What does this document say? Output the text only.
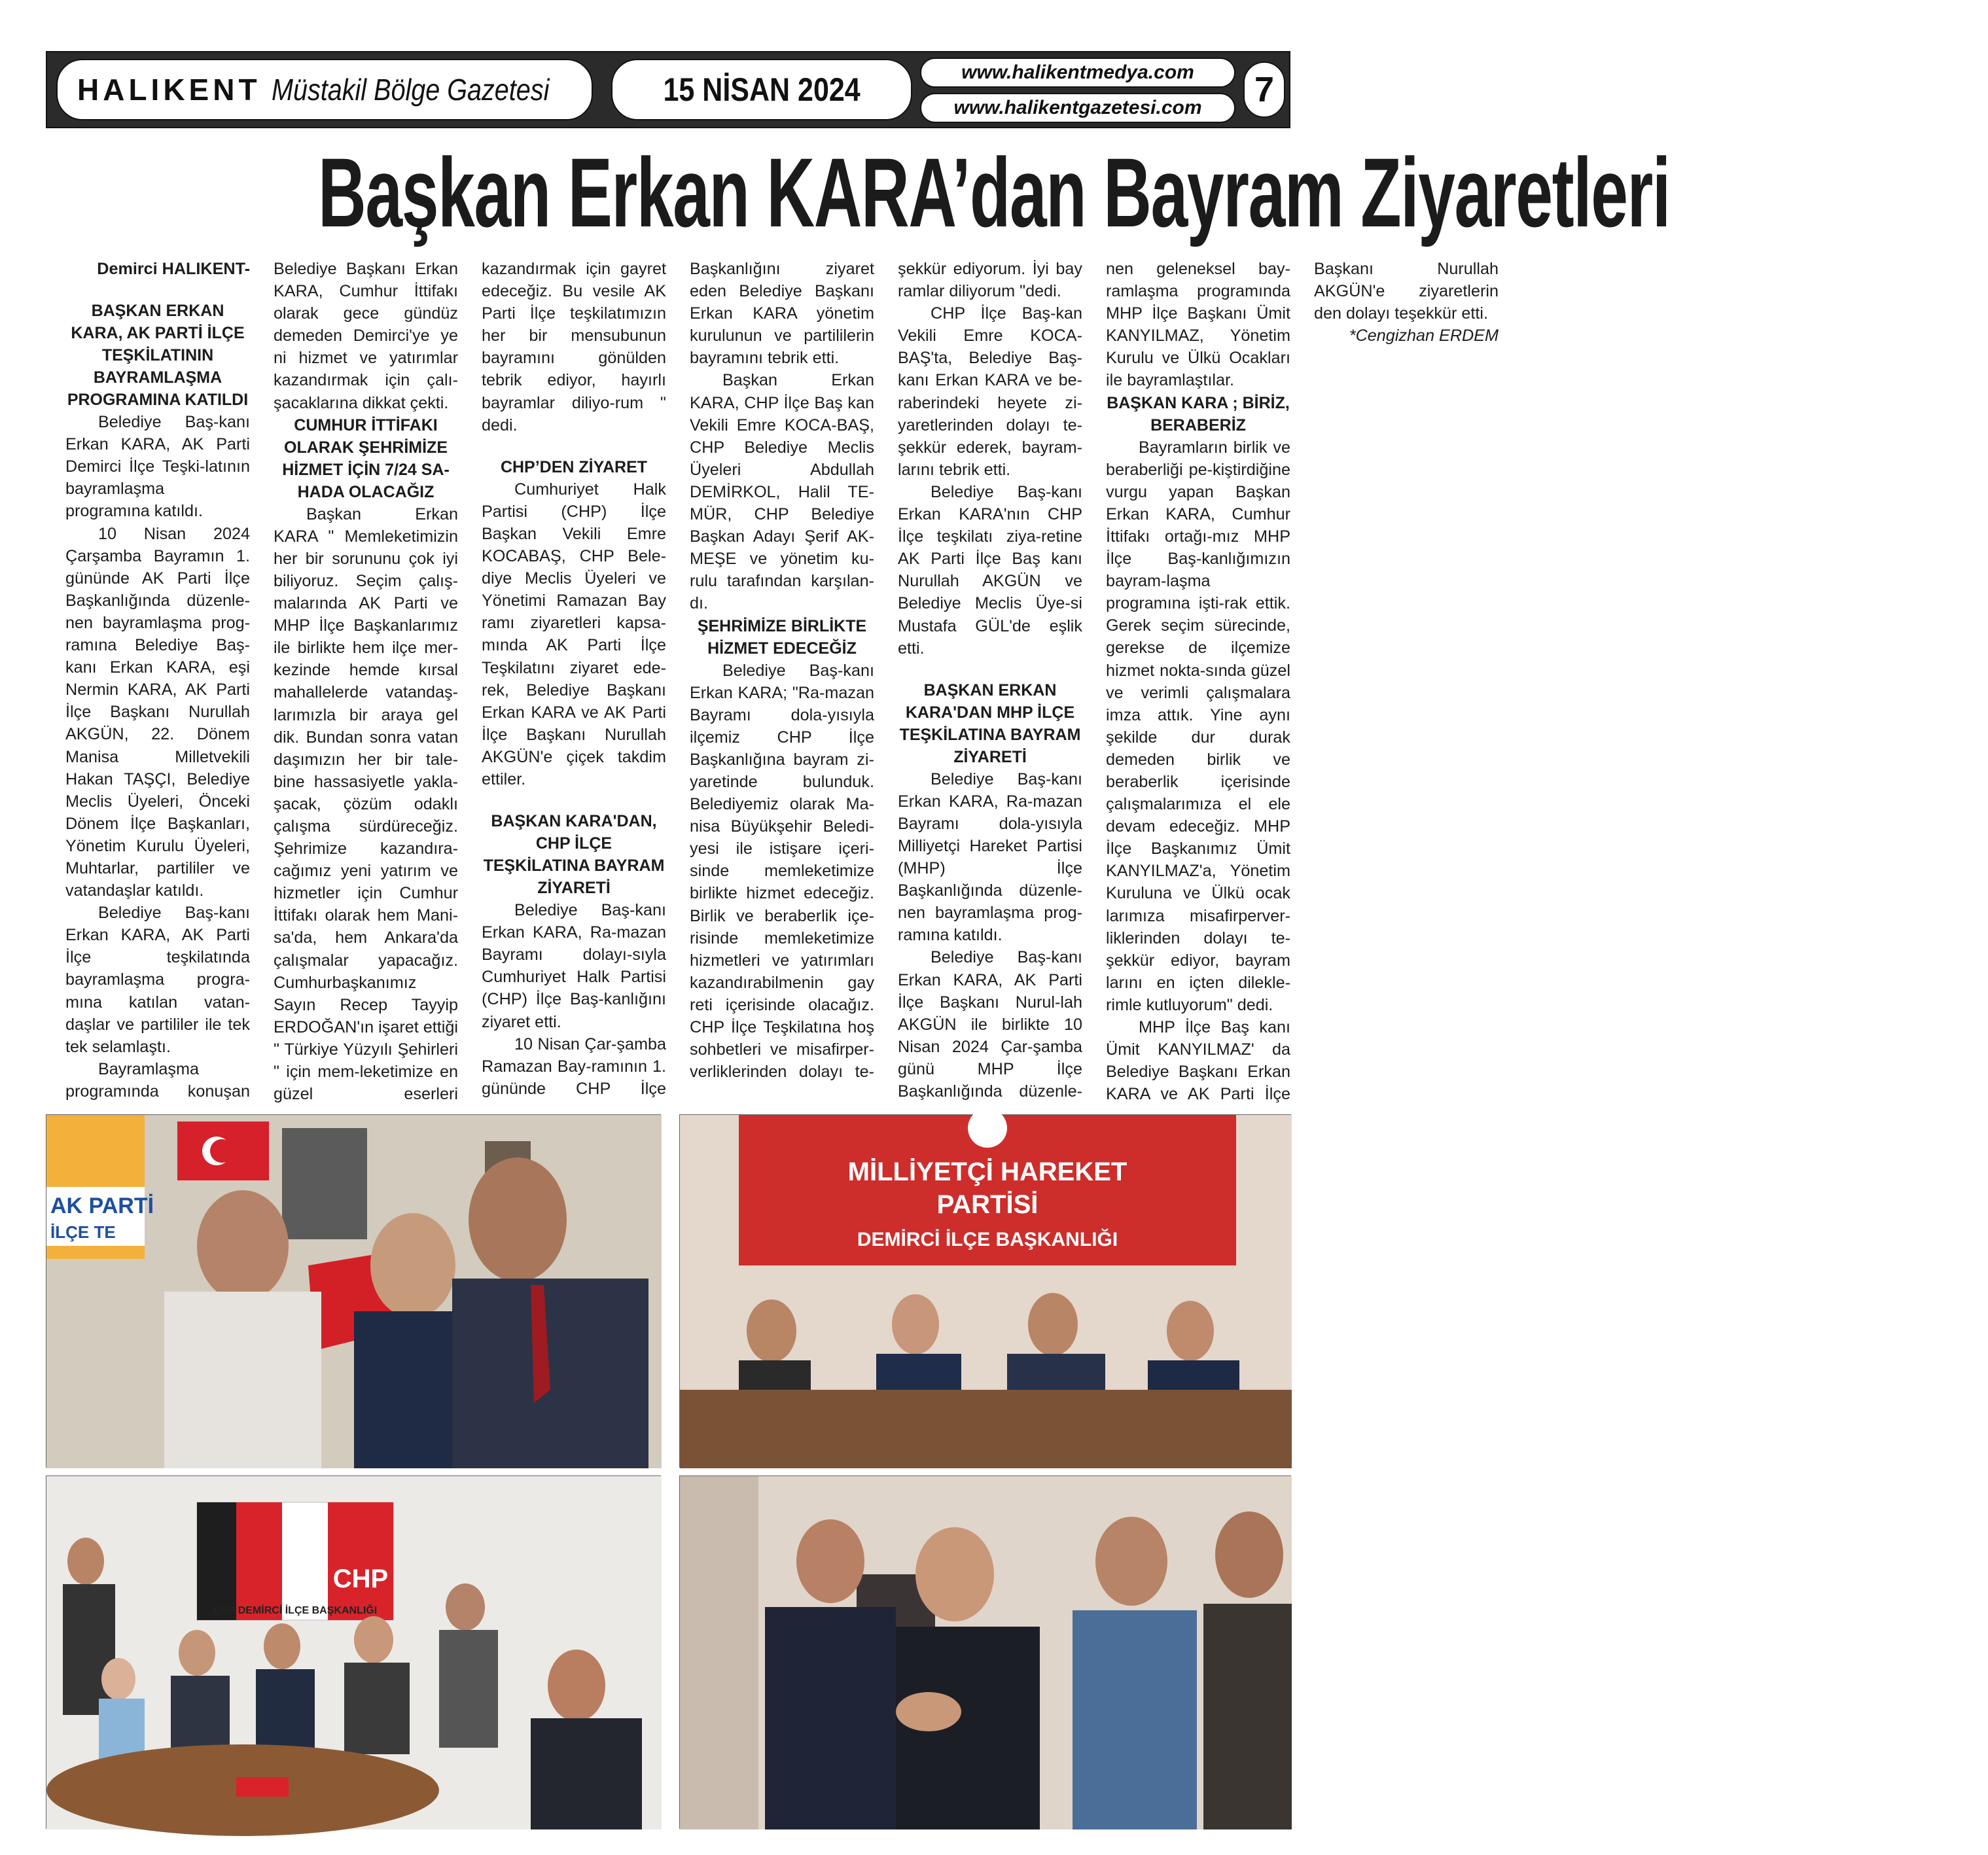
HALIKENT Müstakil Bölge Gazetesi	15 NİSAN 2024	www.halikentmedya.com
www.halikentgazetesi.com 7
Başkan Erkan KARA’dan Bayram Ziyaretleri

Demirci HALIKENT-

BAŞKAN ERKAN KARA, AK PARTİ İLÇE TEŞKİLATININ BAYRAMLAŞMA PROGRAMINA KATILDI

Belediye Baş-kanı Erkan KARA, AK Parti Demirci İlçe Teşki-latının bayramlaşma programına katıldı.

10 Nisan 2024 Çarşamba Bayramın 1. gününde AK Parti İlçe Başkanlığında düzenle-nen bayramlaşma prog-ramına Belediye Baş-kanı Erkan KARA, eşi Nermin KARA, AK Parti İlçe Başkanı Nurullah AKGÜN, 22. Dönem Manisa Milletvekili Hakan TAŞÇI, Belediye Meclis Üyeleri, Önceki Dönem İlçe Başkanları, Yönetim Kurulu Üyeleri, Muhtarlar, partililer ve vatandaşlar katıldı.

Belediye Baş-kanı Erkan KARA, AK Parti İlçe teşkilatında bayramlaşma progra-mına katılan vatan-daşlar ve partililer ile tek tek selamlaştı.

Bayramlaşma programında konuşan Belediye Başkanı Erkan KARA, Cumhur İttifakı olarak gece gündüz demeden Demirci'ye ye ni hizmet ve yatırımlar kazandırmak için çalı-şacaklarına dikkat çekti.

CUMHUR İTTİFAKI OLARAK ŞEHRİMİZE HİZMET İÇİN 7/24 SA-HADA OLACAĞIZ

Başkan Erkan KARA " Memleketimizin her bir sorununu çok iyi biliyoruz. Seçim çalış-malarında AK Parti ve MHP İlçe Başkanlarımız ile birlikte hem ilçe mer-kezinde hemde kırsal mahallelerde vatandaş-larımızla bir araya gel dik. Bundan sonra vatan daşımızın her bir tale-bine hassasiyetle yakla-şacak, çözüm odaklı çalışma sürdüreceğiz. Şehrimize kazandıra-cağımız yeni yatırım ve hizmetler için Cumhur İttifakı olarak hem Mani-sa'da, hem Ankara'da çalışmalar yapacağız. Cumhurbaşkanımız Sayın Recep Tayyip ERDOĞAN'ın işaret ettiği " Türkiye Yüzyılı Şehirleri " için mem-leketimize en güzel eserleri kazandırmak için gayret edeceğiz. Bu vesile AK Parti İlçe teşkilatımızın her bir mensubunun bayramını gönülden tebrik ediyor, hayırlı bayramlar diliyo-rum " dedi.

CHP’DEN ZİYARET

Cumhuriyet Halk Partisi (CHP) İlçe Başkan Vekili Emre KOCABAŞ, CHP Bele-diye Meclis Üyeleri ve Yönetimi Ramazan Bay ramı ziyaretleri kapsa-mında AK Parti İlçe Teşkilatını ziyaret ede-rek, Belediye Başkanı Erkan KARA ve AK Parti İlçe Başkanı Nurullah AKGÜN'e çiçek takdim ettiler.

BAŞKAN KARA'DAN, CHP İLÇE TEŞKİLATINA BAYRAM ZİYARETİ

Belediye Baş-kanı Erkan KARA, Ra-mazan Bayramı dolayı-sıyla Cumhuriyet Halk Partisi (CHP) İlçe Baş-kanlığını ziyaret etti.

10 Nisan Çar-şamba Ramazan Bay-ramının 1. gününde CHP İlçe Başkanlığını ziyaret eden Belediye Başkanı Erkan KARA yönetim kurulunun ve partililerin bayramını tebrik etti.

Başkan Erkan KARA, CHP İlçe Baş kan Vekili Emre KOCA-BAŞ, CHP Belediye Meclis Üyeleri Abdullah DEMİRKOL, Halil TE-MÜR, CHP Belediye Başkan Adayı Şerif AK-MEŞE ve yönetim ku-rulu tarafından karşılan-dı.

ŞEHRİMİZE BİRLİKTE HİZMET EDECEĞİZ

Belediye Baş-kanı Erkan KARA; "Ra-mazan Bayramı dola-yısıyla ilçemiz CHP İlçe Başkanlığına bayram zi-yaretinde bulunduk. Belediyemiz olarak Ma-nisa Büyükşehir Beledi-yesi ile istişare içeri-sinde memleketimize birlikte hizmet edeceğiz. Birlik ve beraberlik içe-risinde memleketimize hizmetleri ve yatırımları kazandırabilmenin gay reti içerisinde olacağız. CHP İlçe Teşkilatına hoş sohbetleri ve misafirper-verliklerinden dolayı te-şekkür ediyorum. İyi bay ramlar diliyorum "dedi.

CHP İlçe Baş-kan Vekili Emre KOCA-BAŞ'ta, Belediye Baş-kanı Erkan KARA ve be-raberindeki heyete zi-yaretlerinden dolayı te-şekkür ederek, bayram-larını tebrik etti.

Belediye Baş-kanı Erkan KARA'nın CHP İlçe teşkilatı ziya-retine AK Parti İlçe Baş kanı Nurullah AKGÜN ve Belediye Meclis Üye-si Mustafa GÜL'de eşlik etti.

BAŞKAN ERKAN KARA'DAN MHP İLÇE TEŞKİLATINA BAYRAM ZİYARETİ

Belediye Baş-kanı Erkan KARA, Ra-mazan Bayramı dola-yısıyla Milliyetçi Hareket Partisi (MHP) İlçe Başkanlığında düzenle-nen bayramlaşma prog-ramına katıldı.

Belediye Baş-kanı Erkan KARA, AK Parti İlçe Başkanı Nurul-lah AKGÜN ile birlikte 10 Nisan 2024 Çar-şamba günü MHP İlçe Başkanlığında düzenle-nen geleneksel bay-ramlaşma programında MHP İlçe Başkanı Ümit KANYILMAZ, Yönetim Kurulu ve Ülkü Ocakları ile bayramlaştılar.

BAŞKAN KARA ; BİRİZ, BERABERİZ

Bayramların birlik ve beraberliği pe-kiştirdiğine vurgu yapan Başkan Erkan KARA, Cumhur İttifakı ortağı-mız MHP İlçe Baş-kanlığımızın bayram-laşma programına işti-rak ettik. Gerek seçim sürecinde, gerekse de ilçemize hizmet nokta-sında güzel ve verimli çalışmalara imza attık. Yine aynı şekilde dur durak demeden birlik ve beraberlik içerisinde çalışmalarımıza el ele devam edeceğiz. MHP İlçe Başkanımız Ümit KANYILMAZ'a, Yönetim Kuruluna ve Ülkü ocak larımıza misafirperver-liklerinden dolayı te-şekkür ediyor, bayram larını en içten dilekle-rimle kutluyorum" dedi.

MHP İlçe Baş kanı Ümit KANYILMAZ' da Belediye Başkanı Erkan KARA ve AK Parti İlçe Başkanı Nurullah AKGÜN'e ziyaretlerin den dolayı teşekkür etti.

*Cengizhan ERDEM

AK PARTİ
İLÇE TE
MİLLİYETÇİ HAREKET
PARTİSİ
DEMİRCİ İLÇE BAŞKANLIĞI
CHP
CHP DEMİRCİ İLÇE BAŞKANLIĞI
